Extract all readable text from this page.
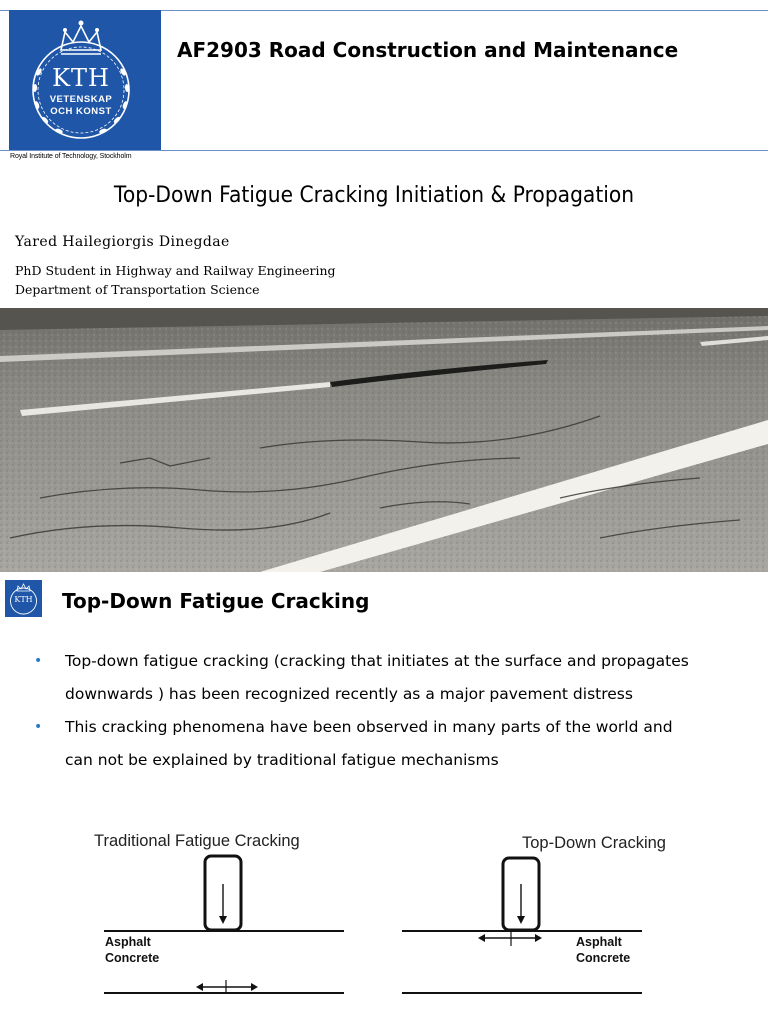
KTH
VETENSKAP
OCH KONST
Royal Institute of Technology, Stockholm
AF2903 Road Construction and Maintenance
Top-Down Fatigue Cracking Initiation & Propagation
Yared Hailegiorgis Dinegdae
PhD Student in Highway and Railway Engineering
Department of Transportation Science
KTH	Top-Down Fatigue Cracking
• Top-down fatigue cracking (cracking that initiates at the surface and propagates
downwards ) has been recognized recently as a major pavement distress
• This cracking phenomena have been observed in many parts of the world and
can not be explained by traditional fatigue mechanisms
Traditional Fatigue Cracking	Top-Down Cracking
Asphalt
Concrete
Asphalt
Concrete
